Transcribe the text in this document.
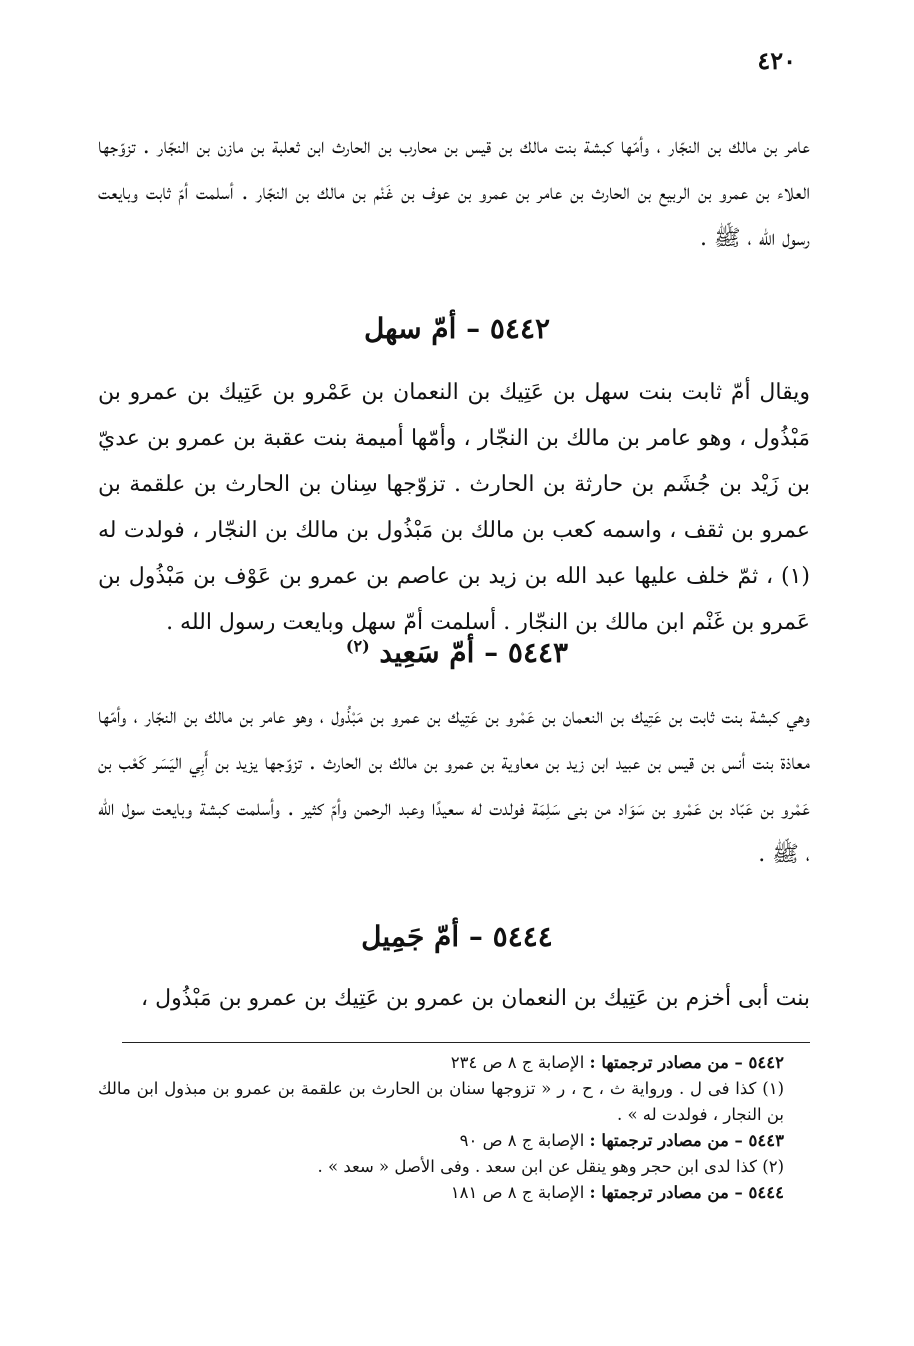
٤٢٠

عامر بن مالك بن النجّار ، وأمّها كبشة بنت مالك بن قيس بن محارب بن الحارث ابن ثعلبة بن مازن بن النجّار . تزوّجها العلاء بن عمرو بن الربيع بن الحارث بن عامر بن عمرو بن عوف بن غَنْم بن مالك بن النجّار . أسلمت أمّ ثابت وبايعت رسول الله ، ﷺ .

٥٤٤٢ – أمّ سهل

ويقال أمّ ثابت بنت سهل بن عَتِيك بن النعمان بن عَمْرو بن عَتِيك بن عمرو بن مَبْذُول ، وهو عامر بن مالك بن النجّار ، وأمّها أميمة بنت عقبة بن عمرو بن عديّ بن زَيْد بن جُشَم بن حارثة بن الحارث . تزوّجها سِنان بن الحارث بن علقمة بن عمرو بن ثقف ، واسمه كعب بن مالك بن مَبْذُول بن مالك بن النجّار ، فولدت له (١) ، ثمّ خلف عليها عبد الله بن زيد بن عاصم بن عمرو بن عَوْف بن مَبْذُول بن عَمرو بن غَنْم ابن مالك بن النجّار . أسلمت أمّ سهل وبايعت رسول الله .

٥٤٤٣ – أمّ سَعِيد $^{(٢)}$

وهي كبشة بنت ثابت بن عَتِيك بن النعمان بن عَمْرو بن عَتِيك بن عمرو بن مَبْذُول ، وهو عامر بن مالك بن النجّار ، وأمّها معاذة بنت أنس بن قيس بن عبيد ابن زيد بن معاوية بن عمرو بن مالك بن الحارث . تزوّجها يزيد بن أَبِي اليَسَر كَعْب بن عَمْرو بن عَبّاد بن عَمْرو بن سَوَاد من بنى سَلِمَة فولدت له سعيدًا وعبد الرحمن وأمّ كثير . وأسلمت كبشة وبايعت سول الله ، ﷺ .

٥٤٤٤ – أمّ جَمِيل

بنت أبى أخزم بن عَتِيك بن النعمان بن عمرو بن عَتِيك بن عمرو بن مَبْذُول ،

٥٤٤٢ – من مصادر ترجمتها : الإصابة ج ٨ ص ٢٣٤
(١) كذا فى ل . ورواية ث ، ح ، ر « تزوجها سنان بن الحارث بن علقمة بن عمرو بن مبذول ابن مالك بن النجار ، فولدت له » .
٥٤٤٣ – من مصادر ترجمتها : الإصابة ج ٨ ص ٩٠
(٢) كذا لدى ابن حجر وهو ينقل عن ابن سعد . وفى الأصل « سعد » .
٥٤٤٤ – من مصادر ترجمتها : الإصابة ج ٨ ص ١٨١
